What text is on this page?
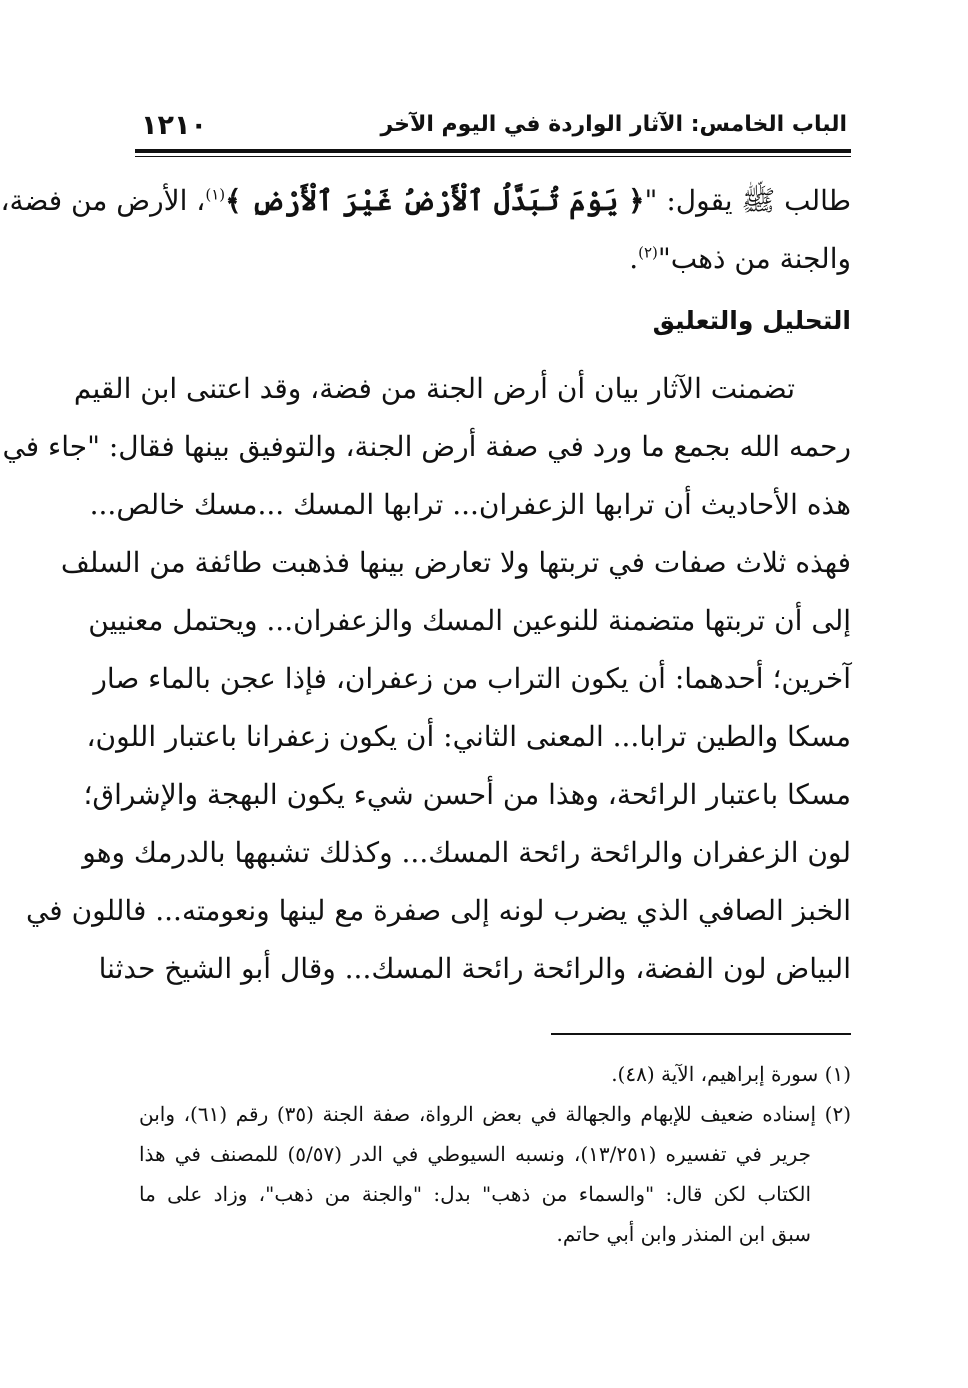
١٢١٠	الباب الخامس: الآثار الواردة في اليوم الآخر
طالب ﷺ يقول: "﴿ يَوْمَ تُبَدَّلُ ٱلْأَرْضُ غَيْرَ ٱلْأَرْضِ ﴾$^{(١)}$، الأرض من فضة،
والجنة من ذهب"$^{(٢)}$.
التحليل والتعليق
تضمنت الآثار بيان أن أرض الجنة من فضة، وقد اعتنى ابن القيم
رحمه الله بجمع ما ورد في صفة أرض الجنة، والتوفيق بينها فقال: "جاء في
هذه الأحاديث أن ترابها الزعفران... ترابها المسك ...مسك خالص...
فهذه ثلاث صفات في تربتها ولا تعارض بينها فذهبت طائفة من السلف
إلى أن تربتها متضمنة للنوعين المسك والزعفران... ويحتمل معنيين
آخرين؛ أحدهما: أن يكون التراب من زعفران، فإذا عجن بالماء صار
مسكا والطين ترابا... المعنى الثاني: أن يكون زعفرانا باعتبار اللون،
مسكا باعتبار الرائحة، وهذا من أحسن شيء يكون البهجة والإشراق؛
لون الزعفران والرائحة رائحة المسك... وكذلك تشبهها بالدرمك وهو
الخبز الصافي الذي يضرب لونه إلى صفرة مع لينها ونعومته... فاللون في
البياض لون الفضة، والرائحة رائحة المسك... وقال أبو الشيخ حدثنا
(١) سورة إبراهيم، الآية (٤٨).
(٢) إسناده ضعيف للإبهام والجهالة في بعض الرواة، صفة الجنة (٣٥) رقم (٦١)، وابن
جرير في تفسيره (١٣/٢٥١)، ونسبه السيوطي في الدر (٥/٥٧) للمصنف في هذا
الكتاب لكن قال: "والسماء من ذهب" بدل: "والجنة من ذهب"، وزاد على ما
سبق ابن المنذر وابن أبي حاتم.
